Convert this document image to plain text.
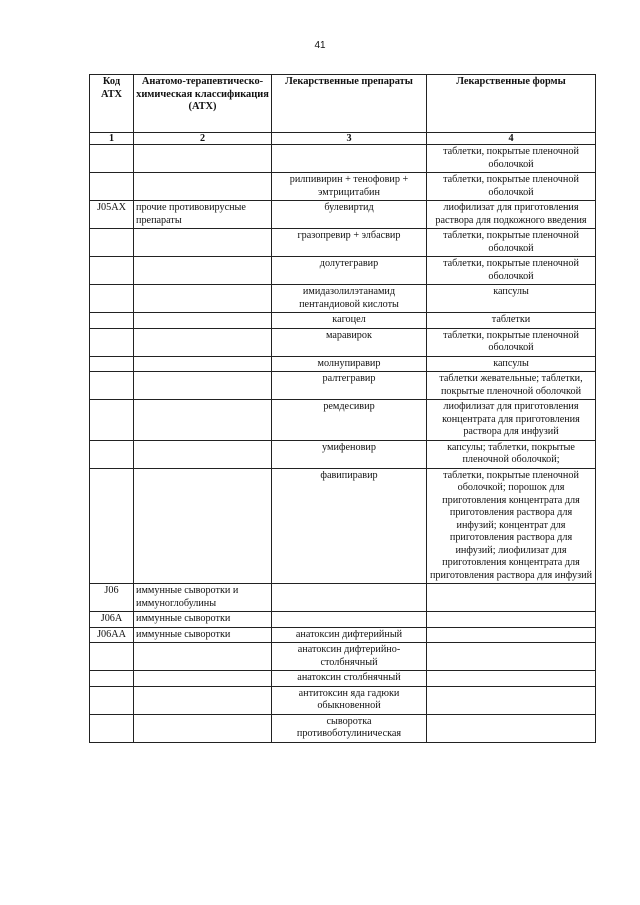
41
Код АТХ	Анатомо-терапевтическо-химическая классификация (АТХ)	Лекарственные препараты	Лекарственные формы
1	2	3	4
			таблетки, покрытые пленочной оболочкой
		рилпивирин + тенофовир + эмтрицитабин	таблетки, покрытые пленочной оболочкой
J05AX	прочие противовирусные препараты	булевиртид	лиофилизат для приготовления раствора для подкожного введения
		гразопревир + элбасвир	таблетки, покрытые пленочной оболочкой
		долутегравир	таблетки, покрытые пленочной оболочкой
		имидазолилэтанамид пентандиовой кислоты	капсулы
		кагоцел	таблетки
		маравирок	таблетки, покрытые пленочной оболочкой
		молнупиравир	капсулы
		ралтегравир	таблетки жевательные; таблетки, покрытые пленочной оболочкой
		ремдесивир	лиофилизат для приготовления концентрата для приготовления раствора для инфузий
		умифеновир	капсулы; таблетки, покрытые пленочной оболочкой;
		фавипиравир	таблетки, покрытые пленочной оболочкой; порошок для приготовления концентрата для приготовления раствора для инфузий; концентрат для приготовления раствора для инфузий; лиофилизат для приготовления концентрата для приготовления раствора для инфузий
J06	иммунные сыворотки и иммуноглобулины		
J06A	иммунные сыворотки		
J06AA	иммунные сыворотки	анатоксин дифтерийный	
		анатоксин дифтерийно-столбнячный	
		анатоксин столбнячный	
		антитоксин яда гадюки обыкновенной	
		сыворотка противоботулиническая	
